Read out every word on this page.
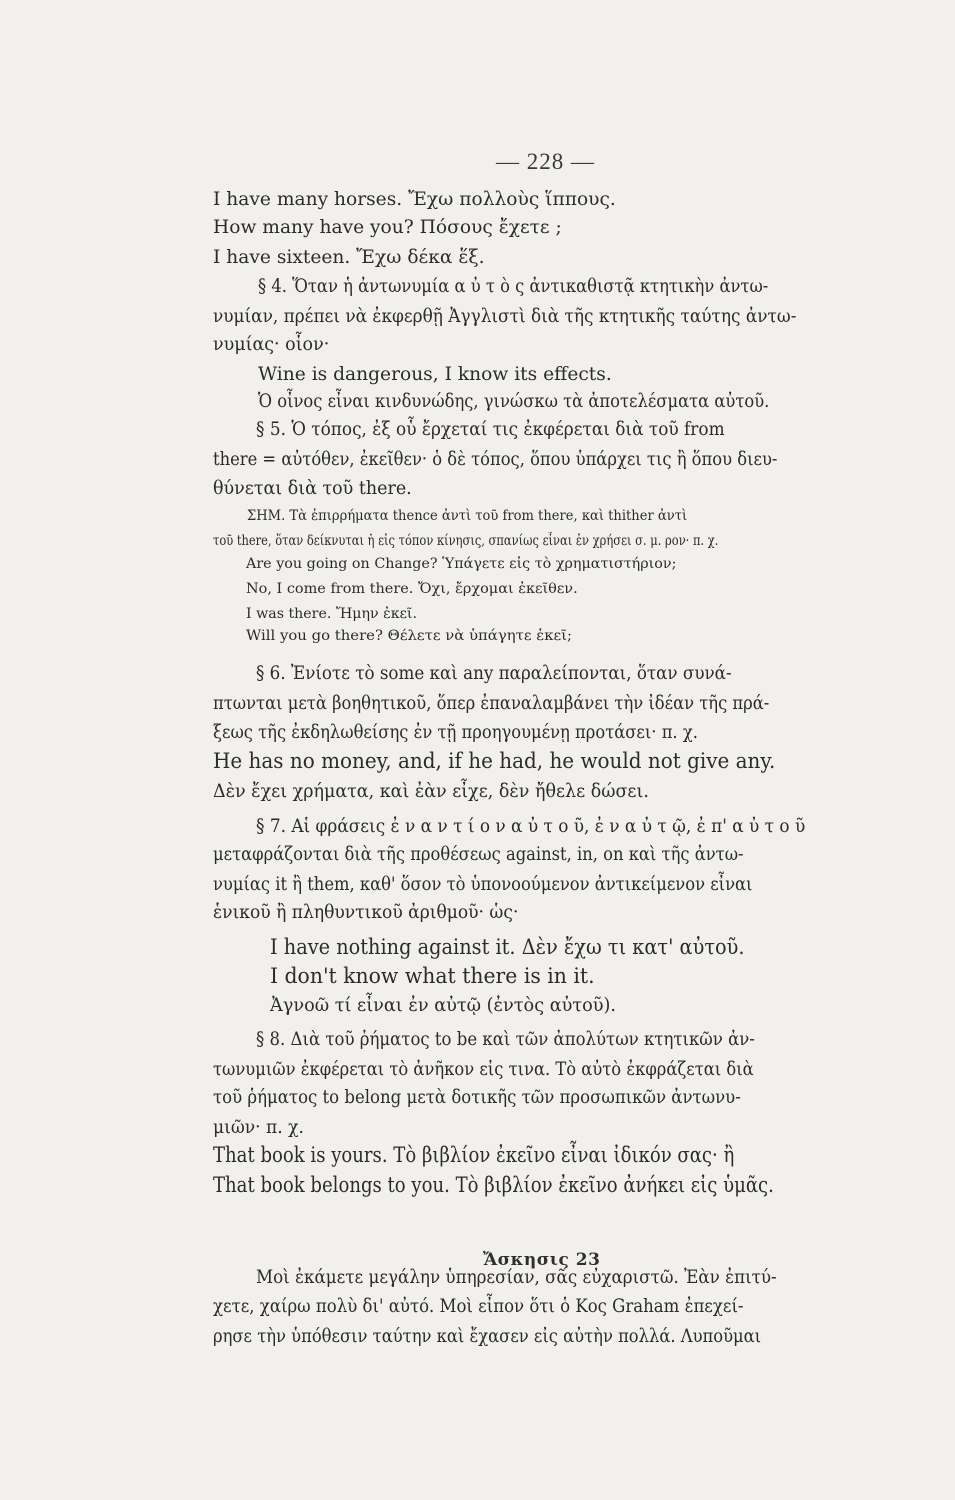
— 228 —
I have many horses. Ἔχω πολλοὺς ἵππους.
How many have you? Πόσους ἔχετε ;
I have sixteen. Ἔχω δέκα ἕξ.
§ 4. Ὅταν ἡ ἀντωνυμία α ὐ τ ὸ ς ἀντικαθιστᾷ κτητικὴν ἀντω-
νυμίαν, πρέπει νὰ ἐκφερθῇ Ἀγγλιστὶ διὰ τῆς κτητικῆς ταύτης ἀντω-
νυμίας· οἷον·
Wine is dangerous, I know its effects.
Ὁ οἶνος εἶναι κινδυνώδης, γινώσκω τὰ ἀποτελέσματα αὐτοῦ.
§ 5. Ὁ τόπος, ἐξ οὗ ἔρχεταί τις ἐκφέρεται διὰ τοῦ from
there = αὐτόθεν, ἐκεῖθεν· ὁ δὲ τόπος, ὅπου ὑπάρχει τις ἢ ὅπου διευ-
θύνεται διὰ τοῦ there.
ΣΗΜ. Τὰ ἐπιρρήματα thence ἀντὶ τοῦ from there, καὶ thither ἀντὶ
τοῦ there, ὅταν δείκνυται ἡ εἰς τόπον κίνησις, σπανίως εἶναι ἐν χρήσει σ. μ. ρον· π. χ.
Are you going on Change? Ὑπάγετε εἰς τὸ χρηματιστήριον;
No, I come from there. Ὄχι, ἔρχομαι ἐκεῖθεν.
I was there. Ἤμην ἐκεῖ.
Will you go there? Θέλετε νὰ ὑπάγητε ἐκεῖ;
§ 6. Ἐνίοτε τὸ some καὶ any παραλείπονται, ὅταν συνά-
πτωνται μετὰ βοηθητικοῦ, ὅπερ ἐπαναλαμβάνει τὴν ἰδέαν τῆς πρά-
ξεως τῆς ἐκδηλωθείσης ἐν τῇ προηγουμένῃ προτάσει· π. χ.
He has no money, and, if he had, he would not give any.
Δὲν ἔχει χρήματα, καὶ ἐὰν εἶχε, δὲν ἤθελε δώσει.
§ 7. Αἱ φράσεις ἐ ν α ν τ ί ο ν α ὐ τ ο ῦ, ἐ ν α ὐ τ ῷ, ἐ π' α ὐ τ ο ῦ
μεταφράζονται διὰ τῆς προθέσεως against, in, on καὶ τῆς ἀντω-
νυμίας it ἢ them, καθ' ὅσον τὸ ὑπονοούμενον ἀντικείμενον εἶναι
ἑνικοῦ ἢ πληθυντικοῦ ἀριθμοῦ· ὡς·
I have nothing against it. Δὲν ἔχω τι κατ' αὐτοῦ.
I don't know what there is in it.
Ἀγνοῶ τί εἶναι ἐν αὐτῷ (ἐντὸς αὐτοῦ).
§ 8. Διὰ τοῦ ῥήματος to be καὶ τῶν ἀπολύτων κτητικῶν ἀν-
τωνυμιῶν ἐκφέρεται τὸ ἀνῆκον εἰς τινα. Τὸ αὐτὸ ἐκφράζεται διὰ
τοῦ ῥήματος to belong μετὰ δοτικῆς τῶν προσωπικῶν ἀντωνυ-
μιῶν· π. χ.
That book is yours. Τὸ βιβλίον ἐκεῖνο εἶναι ἰδικόν σας· ἢ
That book belongs to you. Τὸ βιβλίον ἐκεῖνο ἀνήκει εἰς ὑμᾶς.
Μοὶ ἐκάμετε μεγάλην ὑπηρεσίαν, σᾶς εὐχαριστῶ. Ἐὰν ἐπιτύ-
χετε, χαίρω πολὺ δι' αὐτό. Μοὶ εἶπον ὅτι ὁ Κος Graham ἐπεχεί-
ρησε τὴν ὑπόθεσιν ταύτην καὶ ἔχασεν εἰς αὐτὴν πολλά. Λυποῦμαι
Ἄσκησις 23
